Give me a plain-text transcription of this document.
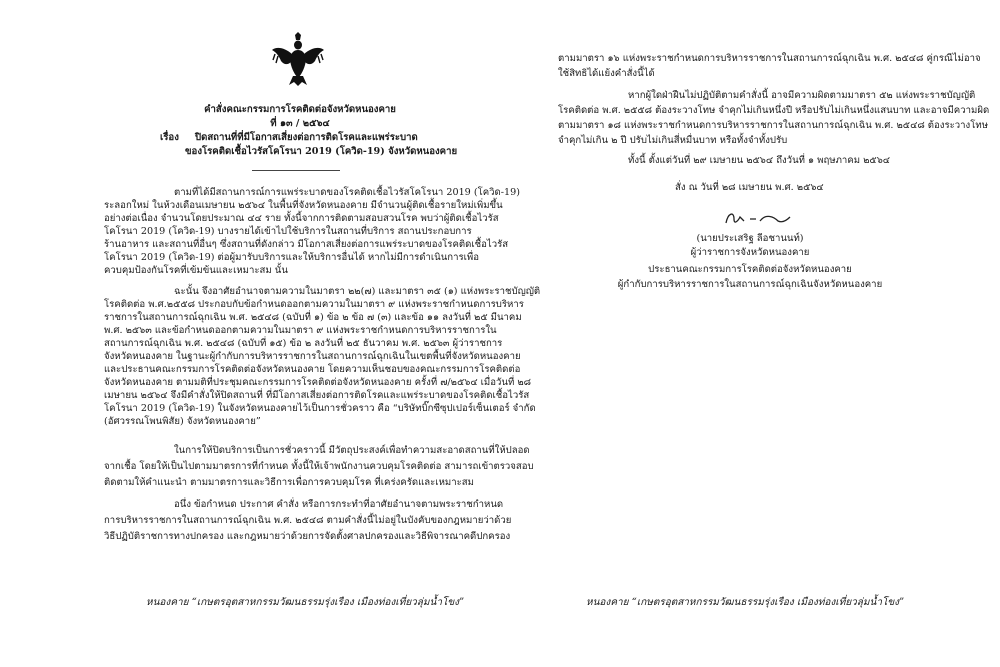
คำสั่งคณะกรรมการโรคติดต่อจังหวัดหนองคาย
ที่ ๑๓ / ๒๕๖๔
เรื่อง ปิดสถานที่ที่มีโอกาสเสี่ยงต่อการติดโรคและแพร่ระบาด
ของโรคติดเชื้อไวรัสโคโรนา 2019 (โควิด-19) จังหวัดหนองคาย
ตามที่ได้มีสถานการณ์การแพร่ระบาดของโรคติดเชื้อไวรัสโคโรนา 2019 (โควิด-19)
ระลอกใหม่ ในห้วงเดือนเมษายน ๒๕๖๔ ในพื้นที่จังหวัดหนองคาย มีจำนวนผู้ติดเชื้อรายใหม่เพิ่มขึ้น
อย่างต่อเนื่อง จำนวนโดยประมาณ ๔๔ ราย ทั้งนี้จากการติดตามสอบสวนโรค พบว่าผู้ติดเชื้อไวรัส
โคโรนา 2019 (โควิด-19) บางรายได้เข้าไปใช้บริการในสถานที่บริการ สถานประกอบการ
ร้านอาหาร และสถานที่อื่นๆ ซึ่งสถานที่ดังกล่าว มีโอกาสเสี่ยงต่อการแพร่ระบาดของโรคติดเชื้อไวรัส
โคโรนา 2019 (โควิด-19) ต่อผู้มารับบริการและให้บริการอื่นได้ หากไม่มีการดำเนินการเพื่อ
ควบคุมป้องกันโรคที่เข้มข้นและเหมาะสม นั้น
ฉะนั้น จึงอาศัยอำนาจตามความในมาตรา ๒๒(๗) และมาตรา ๓๕ (๑) แห่งพระราชบัญญัติ
โรคติดต่อ พ.ศ.๒๕๕๘ ประกอบกับข้อกำหนดออกตามความในมาตรา ๙ แห่งพระราชกำหนดการบริหาร
ราชการในสถานการณ์ฉุกเฉิน พ.ศ. ๒๕๔๘ (ฉบับที่ ๑) ข้อ ๒ ข้อ ๗ (๓) และข้อ ๑๑ ลงวันที่ ๒๕ มีนาคม
พ.ศ. ๒๕๖๓ และข้อกำหนดออกตามความในมาตรา ๙ แห่งพระราชกำหนดการบริหารราชการใน
สถานการณ์ฉุกเฉิน พ.ศ. ๒๕๔๘ (ฉบับที่ ๑๕) ข้อ ๒ ลงวันที่ ๒๕ ธันวาคม พ.ศ. ๒๕๖๓ ผู้ว่าราชการ
จังหวัดหนองคาย ในฐานะผู้กำกับการบริหารราชการในสถานการณ์ฉุกเฉินในเขตพื้นที่จังหวัดหนองคาย
และประธานคณะกรรมการโรคติดต่อจังหวัดหนองคาย โดยความเห็นชอบของคณะกรรมการโรคติดต่อ
จังหวัดหนองคาย ตามมติที่ประชุมคณะกรรมการโรคติดต่อจังหวัดหนองคาย ครั้งที่ ๗/๒๕๖๔ เมื่อวันที่ ๒๘
เมษายน ๒๕๖๔ จึงมีคำสั่งให้ปิดสถานที่ ที่มีโอกาสเสี่ยงต่อการติดโรคและแพร่ระบาดของโรคติดเชื้อไวรัส
โคโรนา 2019 (โควิด-19) ในจังหวัดหนองคายไว้เป็นการชั่วคราว คือ “บริษัทบิ๊กซีซุปเปอร์เซ็นเตอร์ จำกัด
(อัศวรรณโพนพิสัย) จังหวัดหนองคาย”
ในการให้ปิดบริการเป็นการชั่วคราวนี้ มีวัตถุประสงค์เพื่อทำความสะอาดสถานที่ให้ปลอด
จากเชื้อ โดยให้เป็นไปตามมาตรการที่กำหนด ทั้งนี้ให้เจ้าพนักงานควบคุมโรคติดต่อ สามารถเข้าตรวจสอบ
ติดตามให้คำแนะนำ ตามมาตรการและวิธีการเพื่อการควบคุมโรค ที่เคร่งครัดและเหมาะสม
อนึ่ง ข้อกำหนด ประกาศ คำสั่ง หรือการกระทำที่อาศัยอำนาจตามพระราชกำหนด
การบริหารราชการในสถานการณ์ฉุกเฉิน พ.ศ. ๒๕๔๘ ตามคำสั่งนี้ไม่อยู่ในบังคับของกฎหมายว่าด้วย
วิธีปฏิบัติราชการทางปกครอง และกฎหมายว่าด้วยการจัดตั้งศาลปกครองและวิธีพิจารณาคดีปกครอง
หนองคาย “เกษตรอุตสาหกรรมวัฒนธรรมรุ่งเรือง เมืองท่องเที่ยวลุ่มน้ำโขง”
ตามมาตรา ๑๖ แห่งพระราชกำหนดการบริหารราชการในสถานการณ์ฉุกเฉิน พ.ศ. ๒๕๔๘ คู่กรณีไม่อาจ
ใช้สิทธิได้แย้งคำสั่งนี้ได้
หากผู้ใดฝ่าฝืนไม่ปฏิบัติตามคำสั่งนี้ อาจมีความผิดตามมาตรา ๕๒ แห่งพระราชบัญญัติ
โรคติดต่อ พ.ศ. ๒๕๕๘ ต้องระวางโทษ จำคุกไม่เกินหนึ่งปี หรือปรับไม่เกินหนึ่งแสนบาท และอาจมีความผิด
ตามมาตรา ๑๘ แห่งพระราชกำหนดการบริหารราชการในสถานการณ์ฉุกเฉิน พ.ศ. ๒๕๔๘ ต้องระวางโทษ
จำคุกไม่เกิน ๒ ปี ปรับไม่เกินสี่หมื่นบาท หรือทั้งจำทั้งปรับ
ทั้งนี้ ตั้งแต่วันที่ ๒๙ เมษายน ๒๕๖๔ ถึงวันที่ ๑ พฤษภาคม ๒๕๖๔
สั่ง ณ วันที่ ๒๘ เมษายน พ.ศ. ๒๕๖๔
(นายประเสริฐ ลีอชานนท์)
ผู้ว่าราชการจังหวัดหนองคาย
ประธานคณะกรรมการโรคติดต่อจังหวัดหนองคาย
ผู้กำกับการบริหารราชการในสถานการณ์ฉุกเฉินจังหวัดหนองคาย
หนองคาย “เกษตรอุตสาหกรรมวัฒนธรรมรุ่งเรือง เมืองท่องเที่ยวลุ่มน้ำโขง”
